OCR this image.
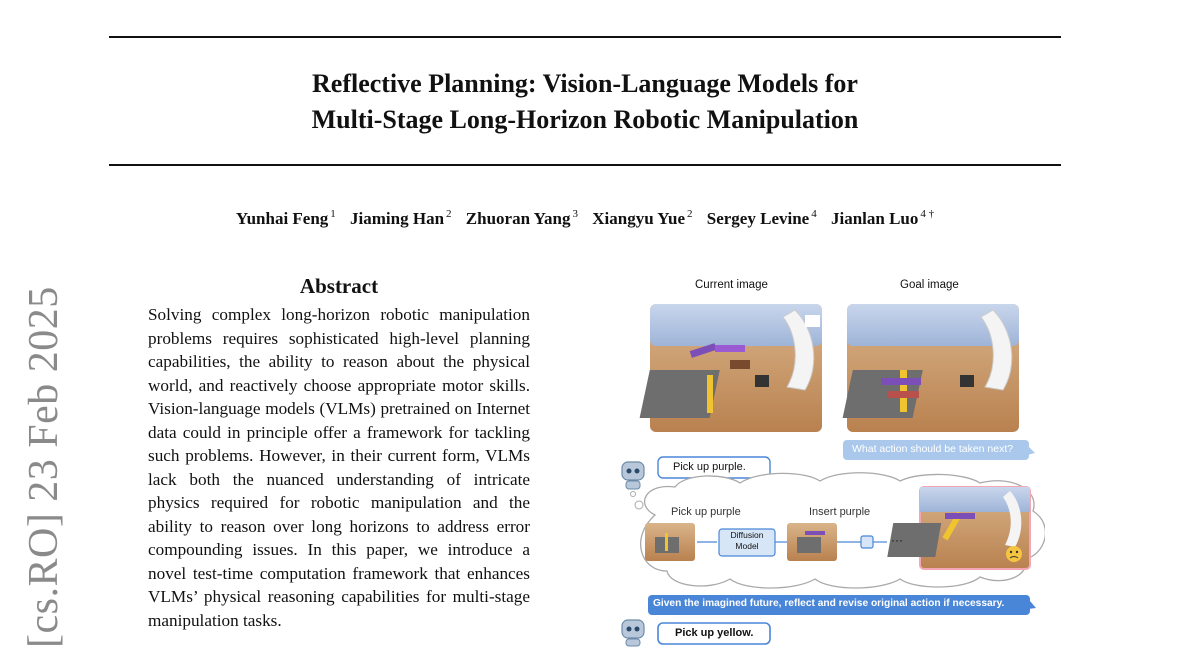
Reflective Planning: Vision-Language Models for
Multi-Stage Long-Horizon Robotic Manipulation
Yunhai Feng $^1$ Jiaming Han $^2$ Zhuoran Yang $^3$ Xiangyu Yue $^2$ Sergey Levine $^4$ Jianlan Luo $^{4 \dagger}$
[cs.RO] 23 Feb 2025
Abstract
Solving complex long-horizon robotic manipulation problems requires sophisticated high-level planning capabilities, the ability to reason about the physical world, and reactively choose appropriate motor skills. Vision-language models (VLMs) pretrained on Internet data could in principle offer a framework for tackling such problems. However, in their current form, VLMs lack both the nuanced understanding of intricate physics required for robotic manipulation and the ability to reason over long horizons to address error compounding issues. In this paper, we introduce a novel test-time computation framework that enhances VLMs’ physical reasoning capabilities for multi-stage manipulation tasks.
Current image	Goal image
What action should be taken next?
Pick up purple.
Pick up purple
Diffusion
Model
Insert purple
···
Given the imagined future, reflect and revise original action if necessary.
Pick up yellow.
